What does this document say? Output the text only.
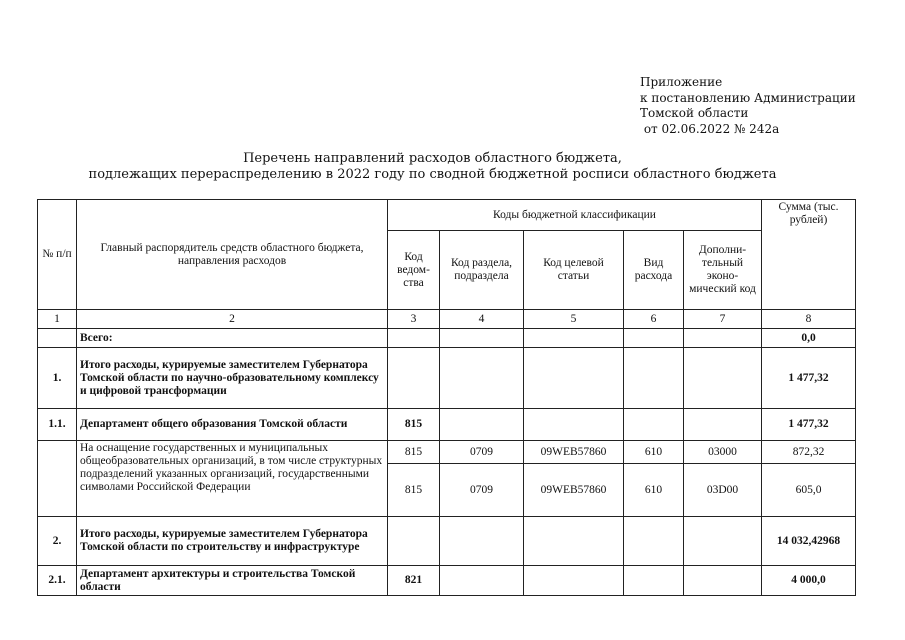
Приложение
к постановлению Администрации
Томской области
от 02.06.2022 № 242а
Перечень направлений расходов областного бюджета,
подлежащих перераспределению в 2022 году по сводной бюджетной росписи областного бюджета
№ п/п	Главный распорядитель средств областного бюджета, направления расходов	Коды бюджетной классификации					Сумма (тыс. рублей)
		Код ведом-ства	Код раздела, подраздела	Код целевой статьи	Вид расхода	Дополни-тельный эконо-мический код	
1	2	3	4	5	6	7	8
	Всего:						0,0
1.	Итого расходы, курируемые заместителем Губернатора Томской области по научно-образовательному комплексу и цифровой трансформации						1 477,32
1.1.	Департамент общего образования Томской области	815					1 477,32
	На оснащение государственных и муниципальных общеобразовательных организаций, в том числе структурных подразделений указанных организаций, государственными символами Российской Федерации	815	0709	09WEB57860	610	03000	872,32
		815	0709	09WEB57860	610	03D00	605,0
2.	Итого расходы, курируемые заместителем Губернатора Томской области по строительству и инфраструктуре						14 032,42968
2.1.	Департамент архитектуры и строительства Томской области	821					4 000,0
